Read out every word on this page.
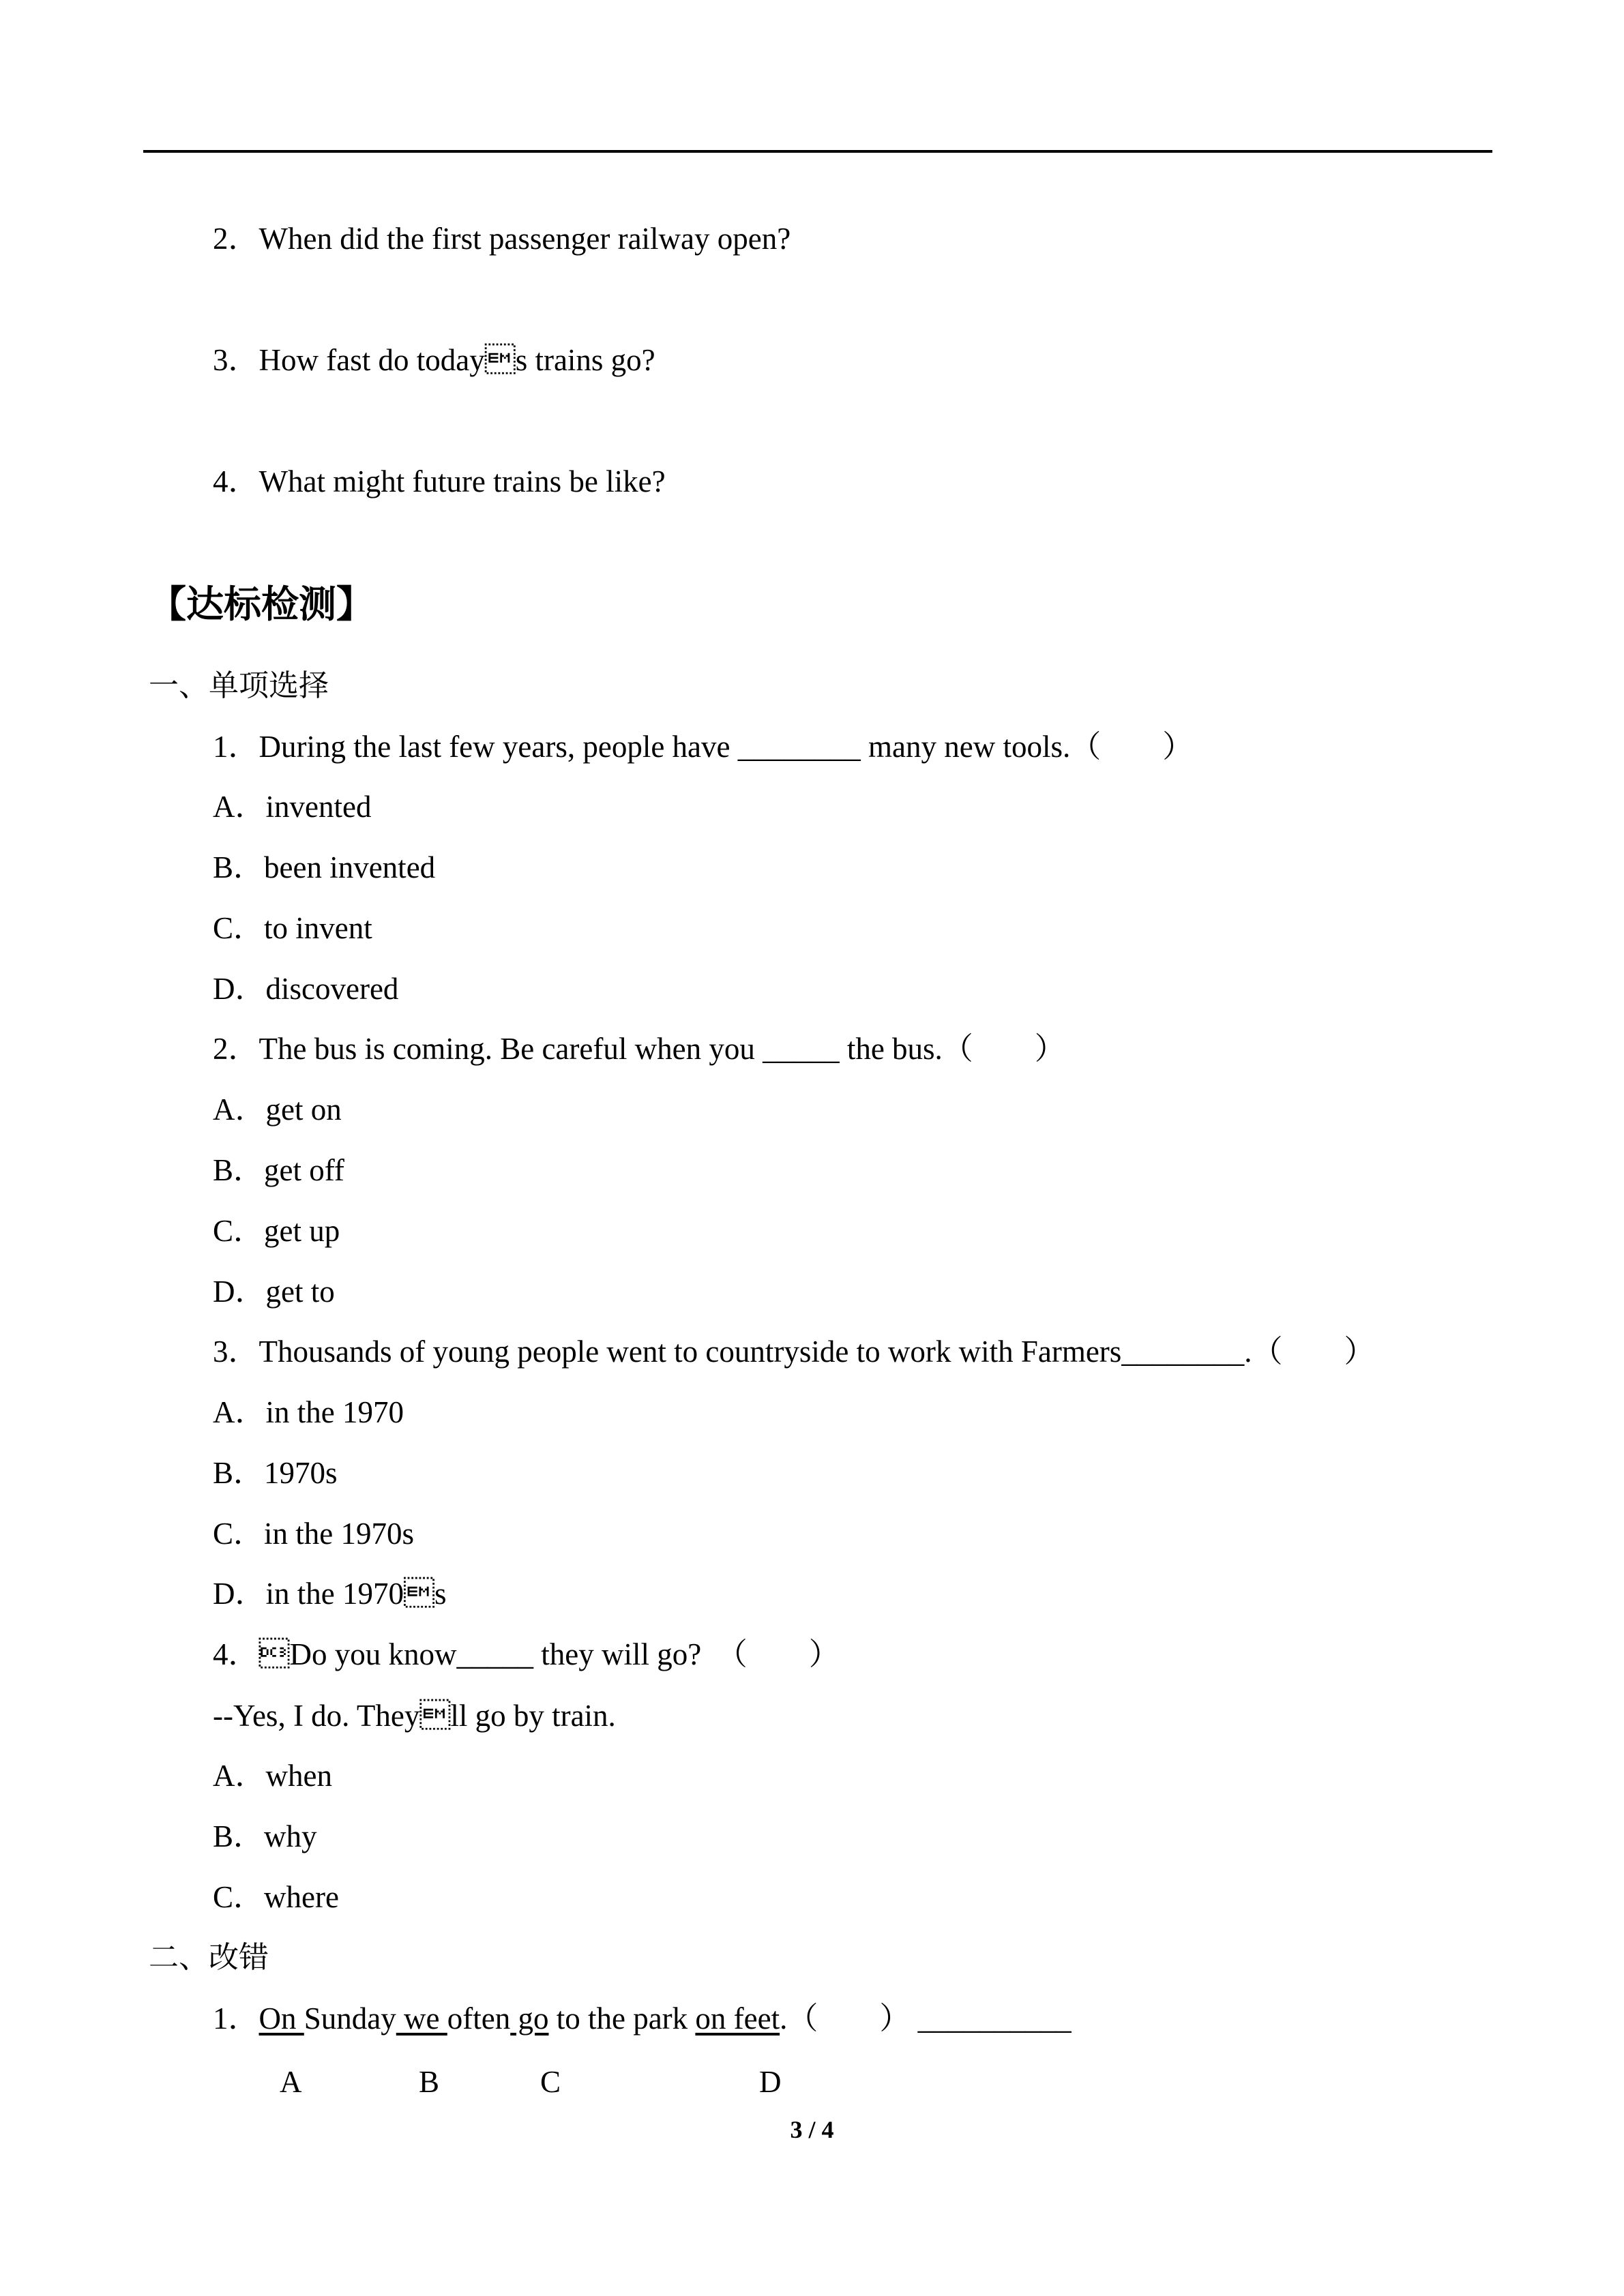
2．When did the first passenger railway open?
3．How fast do todays trains go?
4．What might future trains be like?
【达标检测】
一、单项选择
1．During the last few years, people have ________ many new tools.（        ）
A．invented
B．been invented
C．to invent
D．discovered
2．The bus is coming. Be careful when you _____ the bus.（        ）
A．get on
B．get off
C．get up
D．get to
3．Thousands of young people went to countryside to work with Farmers________.（        ）
A．in the 1970
B．1970s
C．in the 1970s
D．in the 1970s
4．Do you know_____ they will go?  （        ）
--Yes, I do. Theyll go by train.
A．when
B．why
C．where
二、改错
1．On Sunday we often go to the park on feet.（        ） __________
A	B	C	D
3 / 4
